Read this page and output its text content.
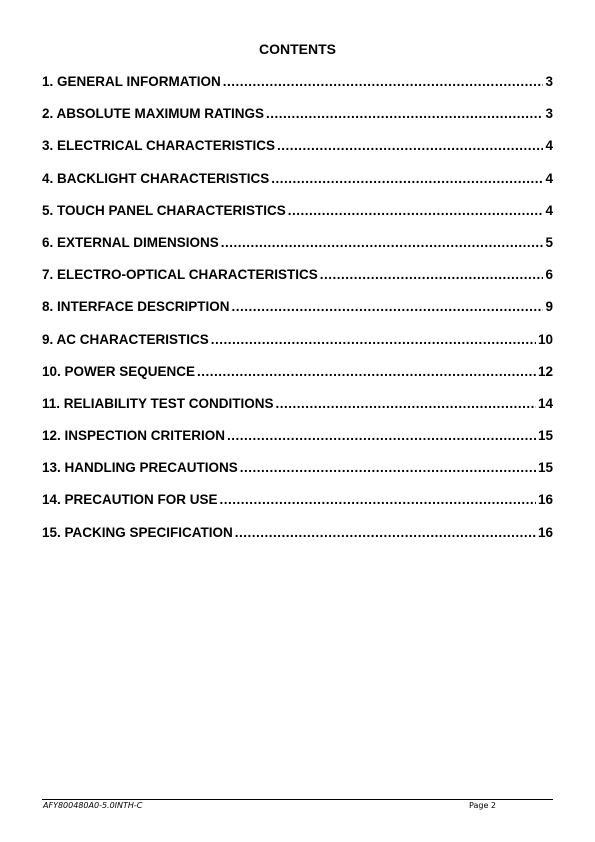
CONTENTS
1. GENERAL INFORMATION .....	3
2. ABSOLUTE MAXIMUM RATINGS .....	3
3. ELECTRICAL CHARACTERISTICS .....	4
4. BACKLIGHT CHARACTERISTICS .....	4
5. TOUCH PANEL CHARACTERISTICS .....	4
6. EXTERNAL DIMENSIONS .....	5
7. ELECTRO-OPTICAL CHARACTERISTICS .....	6
8. INTERFACE DESCRIPTION .....	9
9. AC CHARACTERISTICS .....	10
10. POWER SEQUENCE .....	12
11. RELIABILITY TEST CONDITIONS .....	14
12. INSPECTION CRITERION .....	15
13. HANDLING PRECAUTIONS .....	15
14. PRECAUTION FOR USE .....	16
15. PACKING SPECIFICATION .....	16
AFY800480A0-5.0INTH-C	Page 2
